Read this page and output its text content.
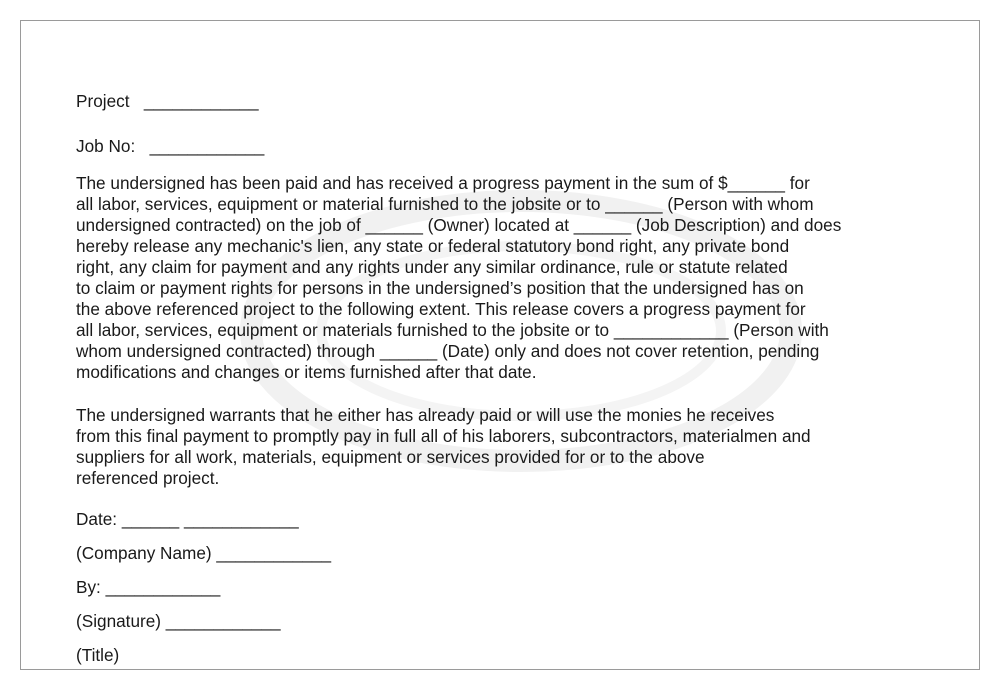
Project ____________
Job No: ____________
The undersigned has been paid and has received a progress payment in the sum of $______ for
all labor, services, equipment or material furnished to the jobsite or to ______ (Person with whom
undersigned contracted) on the job of ______ (Owner) located at ______ (Job Description) and does
hereby release any mechanic's lien, any state or federal statutory bond right, any private bond
right, any claim for payment and any rights under any similar ordinance, rule or statute related
to claim or payment rights for persons in the undersigned’s position that the undersigned has on
the above referenced project to the following extent. This release covers a progress payment for
all labor, services, equipment or materials furnished to the jobsite or to ____________ (Person with
whom undersigned contracted) through ______ (Date) only and does not cover retention, pending
modifications and changes or items furnished after that date.
The undersigned warrants that he either has already paid or will use the monies he receives
from this final payment to promptly pay in full all of his laborers, subcontractors, materialmen and
suppliers for all work, materials, equipment or services provided for or to the above
referenced project.
Date: ______ ____________
(Company Name) ____________
By: ____________
(Signature) ____________
(Title)
